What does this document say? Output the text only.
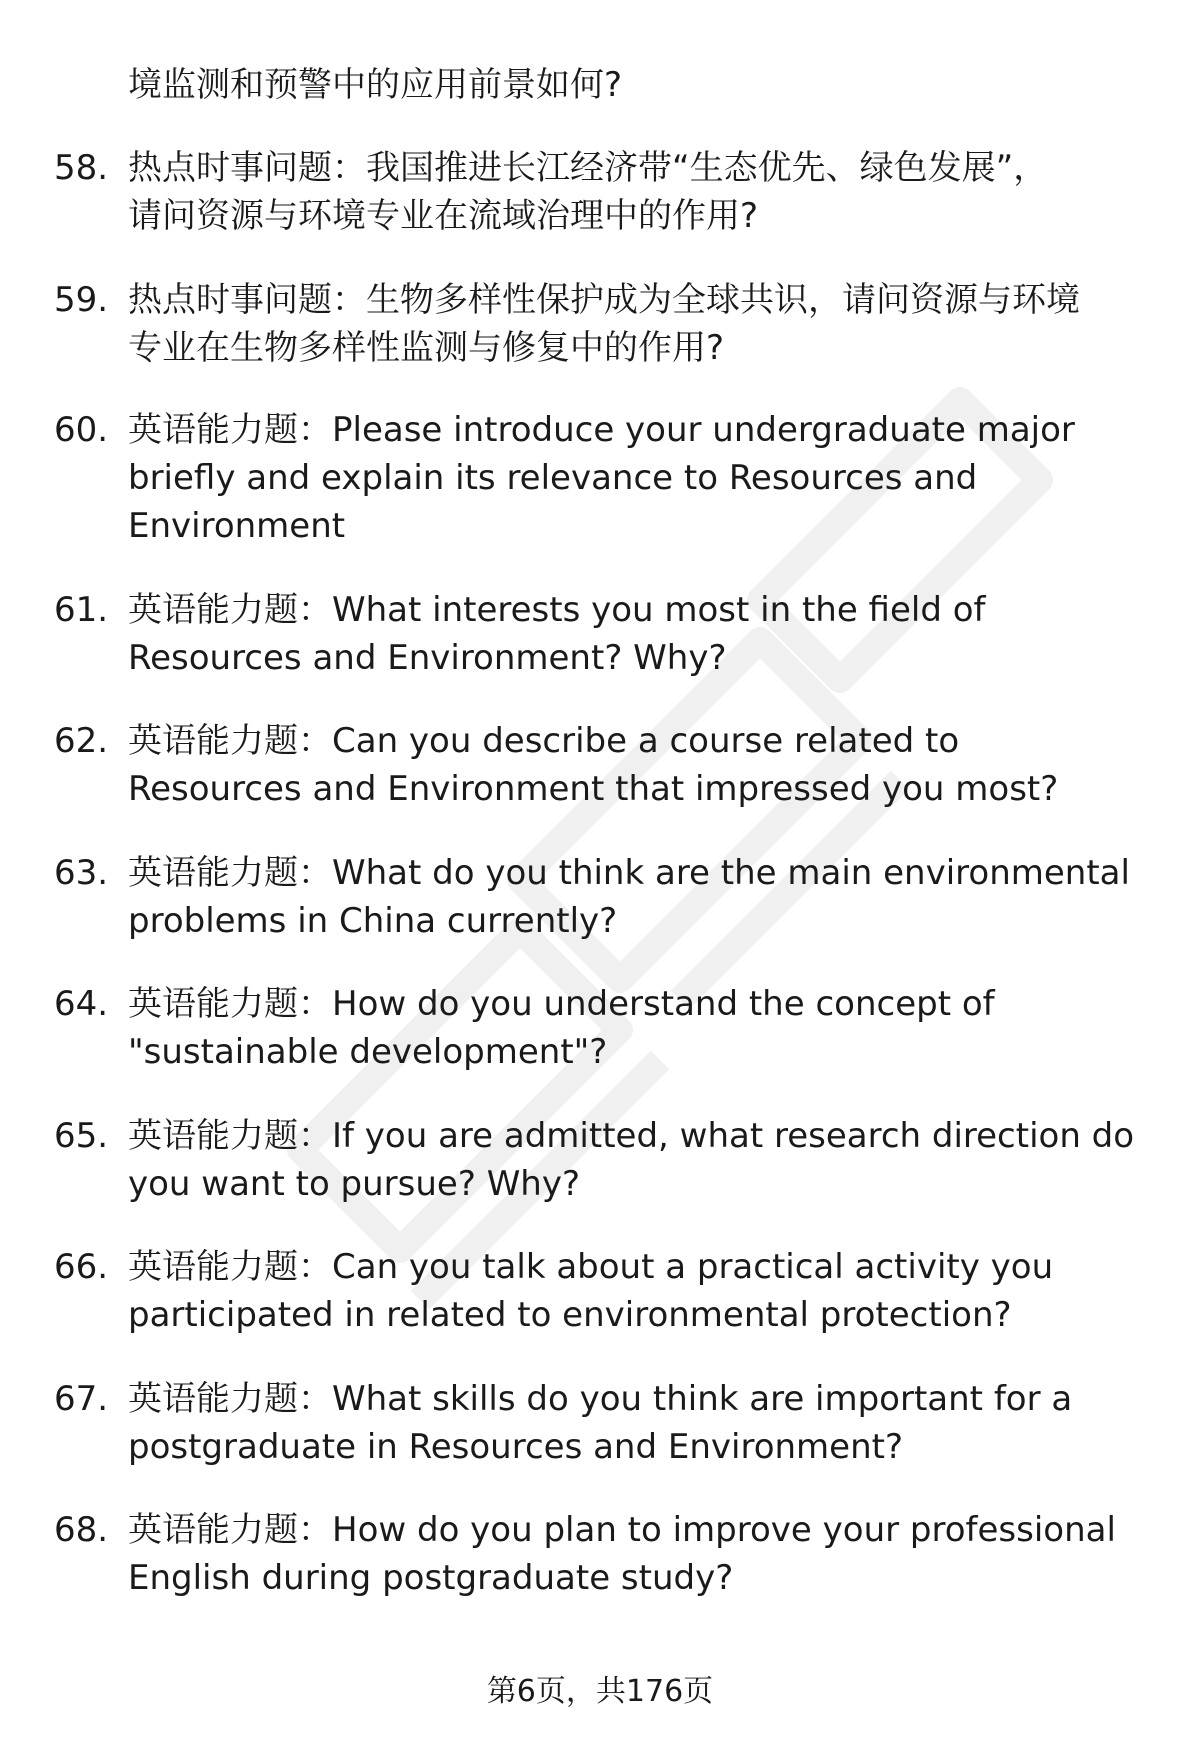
境监测和预警中的应用前景如何?
58. 热点时事问题：我国推进长江经济带“生态优先、绿色发展”，
请问资源与环境专业在流域治理中的作用?
59. 热点时事问题：生物多样性保护成为全球共识，请问资源与环境
专业在生物多样性监测与修复中的作用?
60. 英语能力题：Please introduce your undergraduate major
briefly and explain its relevance to Resources and
Environment
61. 英语能力题：What interests you most in the field of
Resources and Environment? Why?
62. 英语能力题：Can you describe a course related to
Resources and Environment that impressed you most?
63. 英语能力题：What do you think are the main environmental
problems in China currently?
64. 英语能力题：How do you understand the concept of
"sustainable development"?
65. 英语能力题：If you are admitted, what research direction do
you want to pursue? Why?
66. 英语能力题：Can you talk about a practical activity you
participated in related to environmental protection?
67. 英语能力题：What skills do you think are important for a
postgraduate in Resources and Environment?
68. 英语能力题：How do you plan to improve your professional
English during postgraduate study?
第6页，共176页
